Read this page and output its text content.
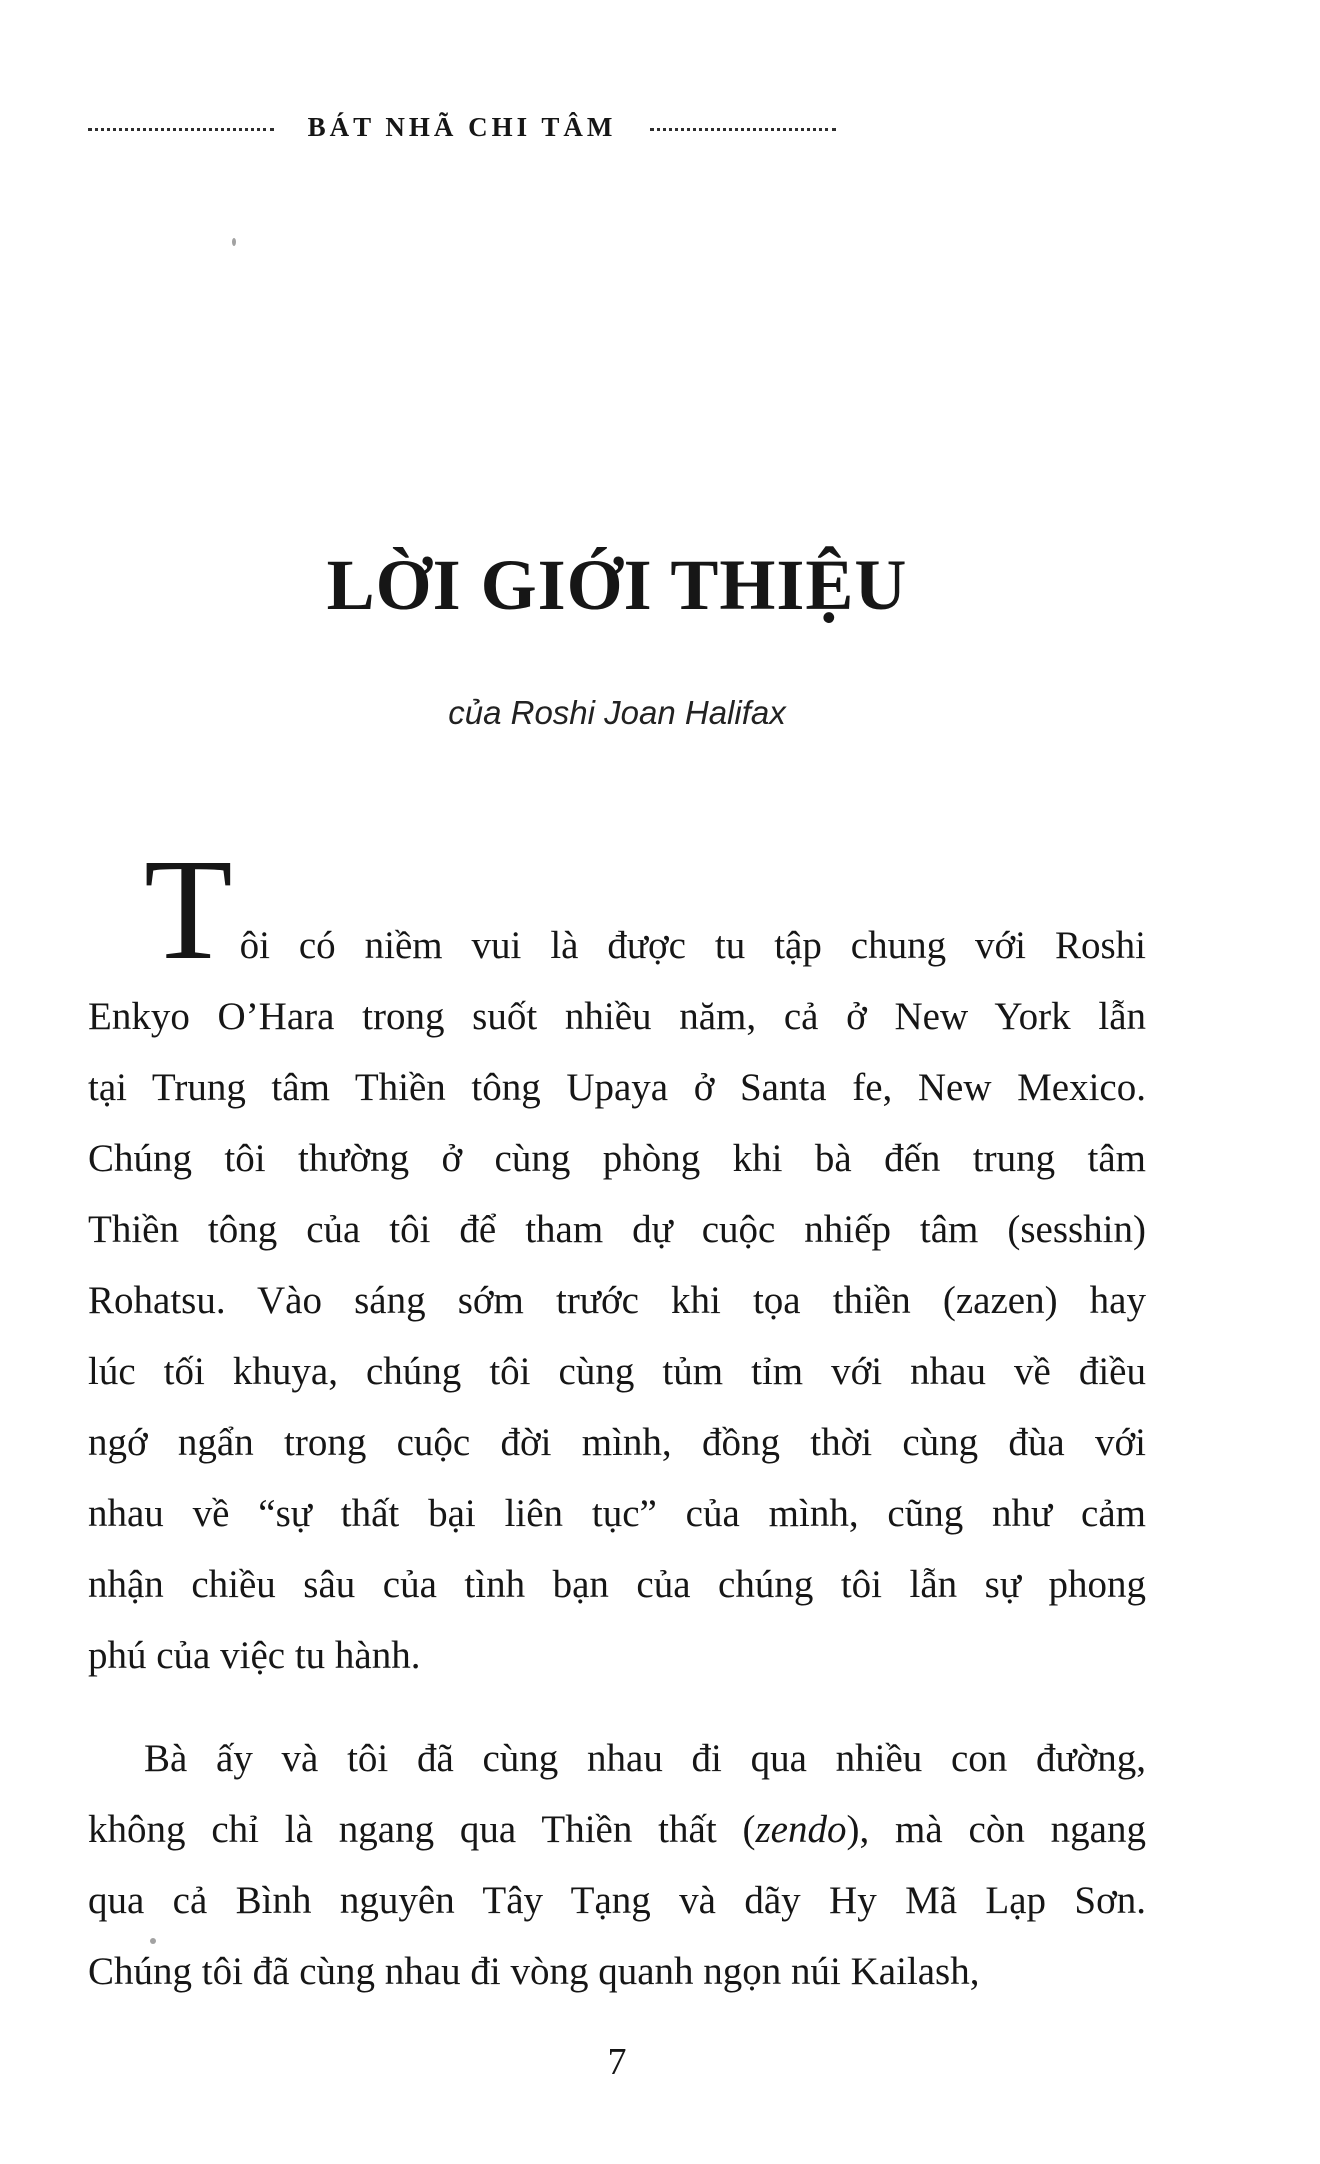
BÁT NHÃ CHI TÂM
LỜI GIỚI THIỆU
của Roshi Joan Halifax
Tôi có niềm vui là được tu tập chung với Roshi
Enkyo O’Hara trong suốt nhiều năm, cả ở New York lẫn
tại Trung tâm Thiền tông Upaya ở Santa fe, New Mexico.
Chúng tôi thường ở cùng phòng khi bà đến trung tâm
Thiền tông của tôi để tham dự cuộc nhiếp tâm (sesshin)
Rohatsu. Vào sáng sớm trước khi tọa thiền (zazen) hay
lúc tối khuya, chúng tôi cùng tủm tỉm với nhau về điều
ngớ ngẩn trong cuộc đời mình, đồng thời cùng đùa với
nhau về “sự thất bại liên tục” của mình, cũng như cảm
nhận chiều sâu của tình bạn của chúng tôi lẫn sự phong
phú của việc tu hành.
Bà ấy và tôi đã cùng nhau đi qua nhiều con đường,
không chỉ là ngang qua Thiền thất (zendo), mà còn ngang
qua cả Bình nguyên Tây Tạng và dãy Hy Mã Lạp Sơn.
Chúng tôi đã cùng nhau đi vòng quanh ngọn núi Kailash,
7
